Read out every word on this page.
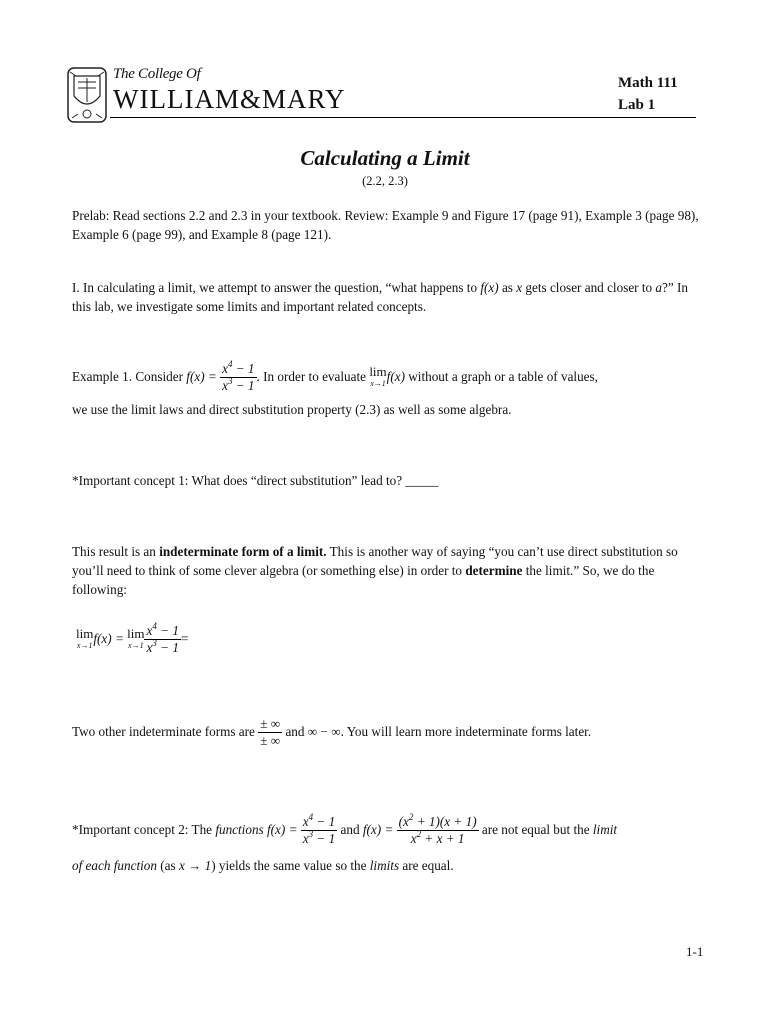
The College Of
WILLIAM&MARY
Math 111
Lab 1
Calculating a Limit
(2.2, 2.3)
Prelab: Read sections 2.2 and 2.3 in your textbook. Review: Example 9 and Figure 17 (page 91), Example 3 (page 98), Example 6 (page 99), and Example 8 (page 121).
I. In calculating a limit, we attempt to answer the question, “what happens to f(x) as x gets closer and closer to a?” In this lab, we investigate some limits and important related concepts.
Example 1. Consider $f(x) = \frac{x^4 - 1}{x^3 - 1}$ . In order to evaluate lim
x→1 f(x) without a graph or a table of values,
we use the limit laws and direct substitution property (2.3) as well as some algebra.
*Important concept 1: What does “direct substitution” lead to? _____
This result is an indeterminate form of a limit. This is another way of saying “you can’t use direct substitution so you’ll need to think of some clever algebra (or something else) in order to determine the limit.” So, we do the following:
lim
x→1 f(x) = lim
$x\to 1 \frac{x^4 - 1}{x^3 - 1}$ =
Two other indeterminate forms are $\frac{\pm \infty}{\pm \infty}$ and ∞ − ∞. You will learn more indeterminate forms later.
*Important concept 2: The functions $f(x) = \frac{x^4 - 1}{x^3 - 1}$ and $f(x) = \frac{(x^2 + 1)(x + 1)}{x^2 + x + 1}$ are not equal but the limit
of each function (as x → 1) yields the same value so the limits are equal.
1-1
